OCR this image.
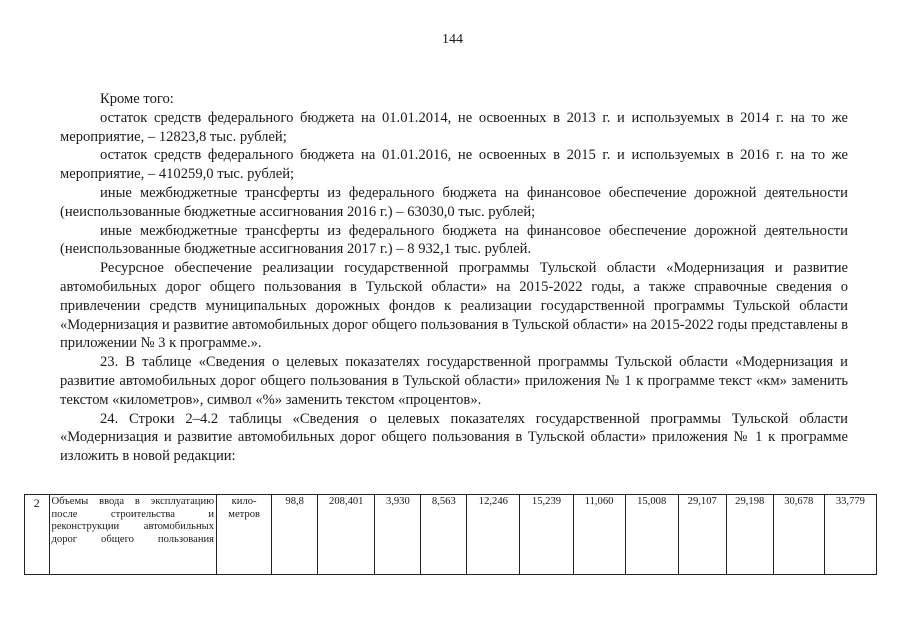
144

Кроме того:

остаток средств федерального бюджета на 01.01.2014, не освоенных в 2013 г. и используемых в 2014 г. на то же мероприятие, – 12823,8 тыс. рублей;

остаток средств федерального бюджета на 01.01.2016, не освоенных в 2015 г. и используемых в 2016 г. на то же мероприятие, – 410259,0 тыс. рублей;

иные межбюджетные трансферты из федерального бюджета на финансовое обеспечение дорожной деятельности (неиспользованные бюджетные ассигнования 2016 г.) – 63030,0 тыс. рублей;

иные межбюджетные трансферты из федерального бюджета на финансовое обеспечение дорожной деятельности (неиспользованные бюджетные ассигнования 2017 г.) – 8 932,1 тыс. рублей.

Ресурсное обеспечение реализации государственной программы Тульской области «Модернизация и развитие автомобильных дорог общего пользования в Тульской области» на 2015-2022 годы, а также справочные сведения о привлечении средств муниципальных дорожных фондов к реализации государственной программы Тульской области «Модернизация и развитие автомобильных дорог общего пользования в Тульской области» на 2015-2022 годы представлены в приложении № 3 к программе.».

23. В таблице «Сведения о целевых показателях государственной программы Тульской области «Модернизация и развитие автомобильных дорог общего пользования в Тульской области» приложения № 1 к программе текст «км» заменить текстом «километров», символ «%» заменить текстом «процентов».

24. Строки 2–4.2 таблицы «Сведения о целевых показателях государственной программы Тульской области «Модернизация и развитие автомобильных дорог общего пользования в Тульской области» приложения № 1 к программе изложить в новой редакции:

2	Объемы ввода в эксплуатацию после строительства и реконструкции автомобильных дорог общего пользования	кило-метров	98,8	208,401	3,930	8,563	12,246	15,239	11,060	15,008	29,107	29,198	30,678	33,779
